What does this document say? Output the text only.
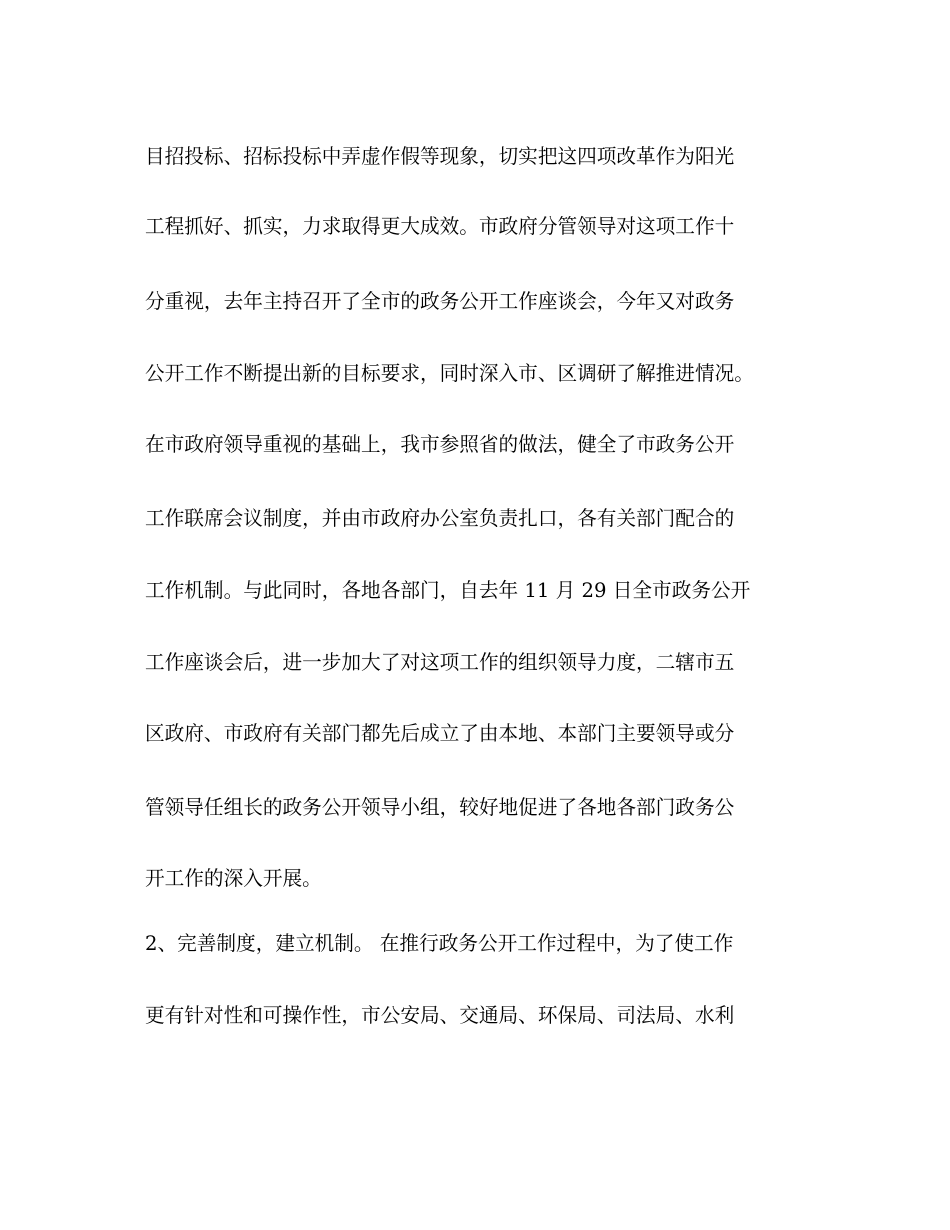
目招投标、招标投标中弄虚作假等现象，切实把这四项改革作为阳光
工程抓好、抓实，力求取得更大成效。市政府分管领导对这项工作十
分重视，去年主持召开了全市的政务公开工作座谈会，今年又对政务
公开工作不断提出新的目标要求，同时深入市、区调研了解推进情况。
在市政府领导重视的基础上，我市参照省的做法，健全了市政务公开
工作联席会议制度，并由市政府办公室负责扎口，各有关部门配合的
工作机制。与此同时，各地各部门，自去年 11 月 29 日全市政务公开
工作座谈会后，进一步加大了对这项工作的组织领导力度，二辖市五
区政府、市政府有关部门都先后成立了由本地、本部门主要领导或分
管领导任组长的政务公开领导小组，较好地促进了各地各部门政务公
开工作的深入开展。
2、完善制度，建立机制。 在推行政务公开工作过程中，为了使工作
更有针对性和可操作性，市公安局、交通局、环保局、司法局、水利
